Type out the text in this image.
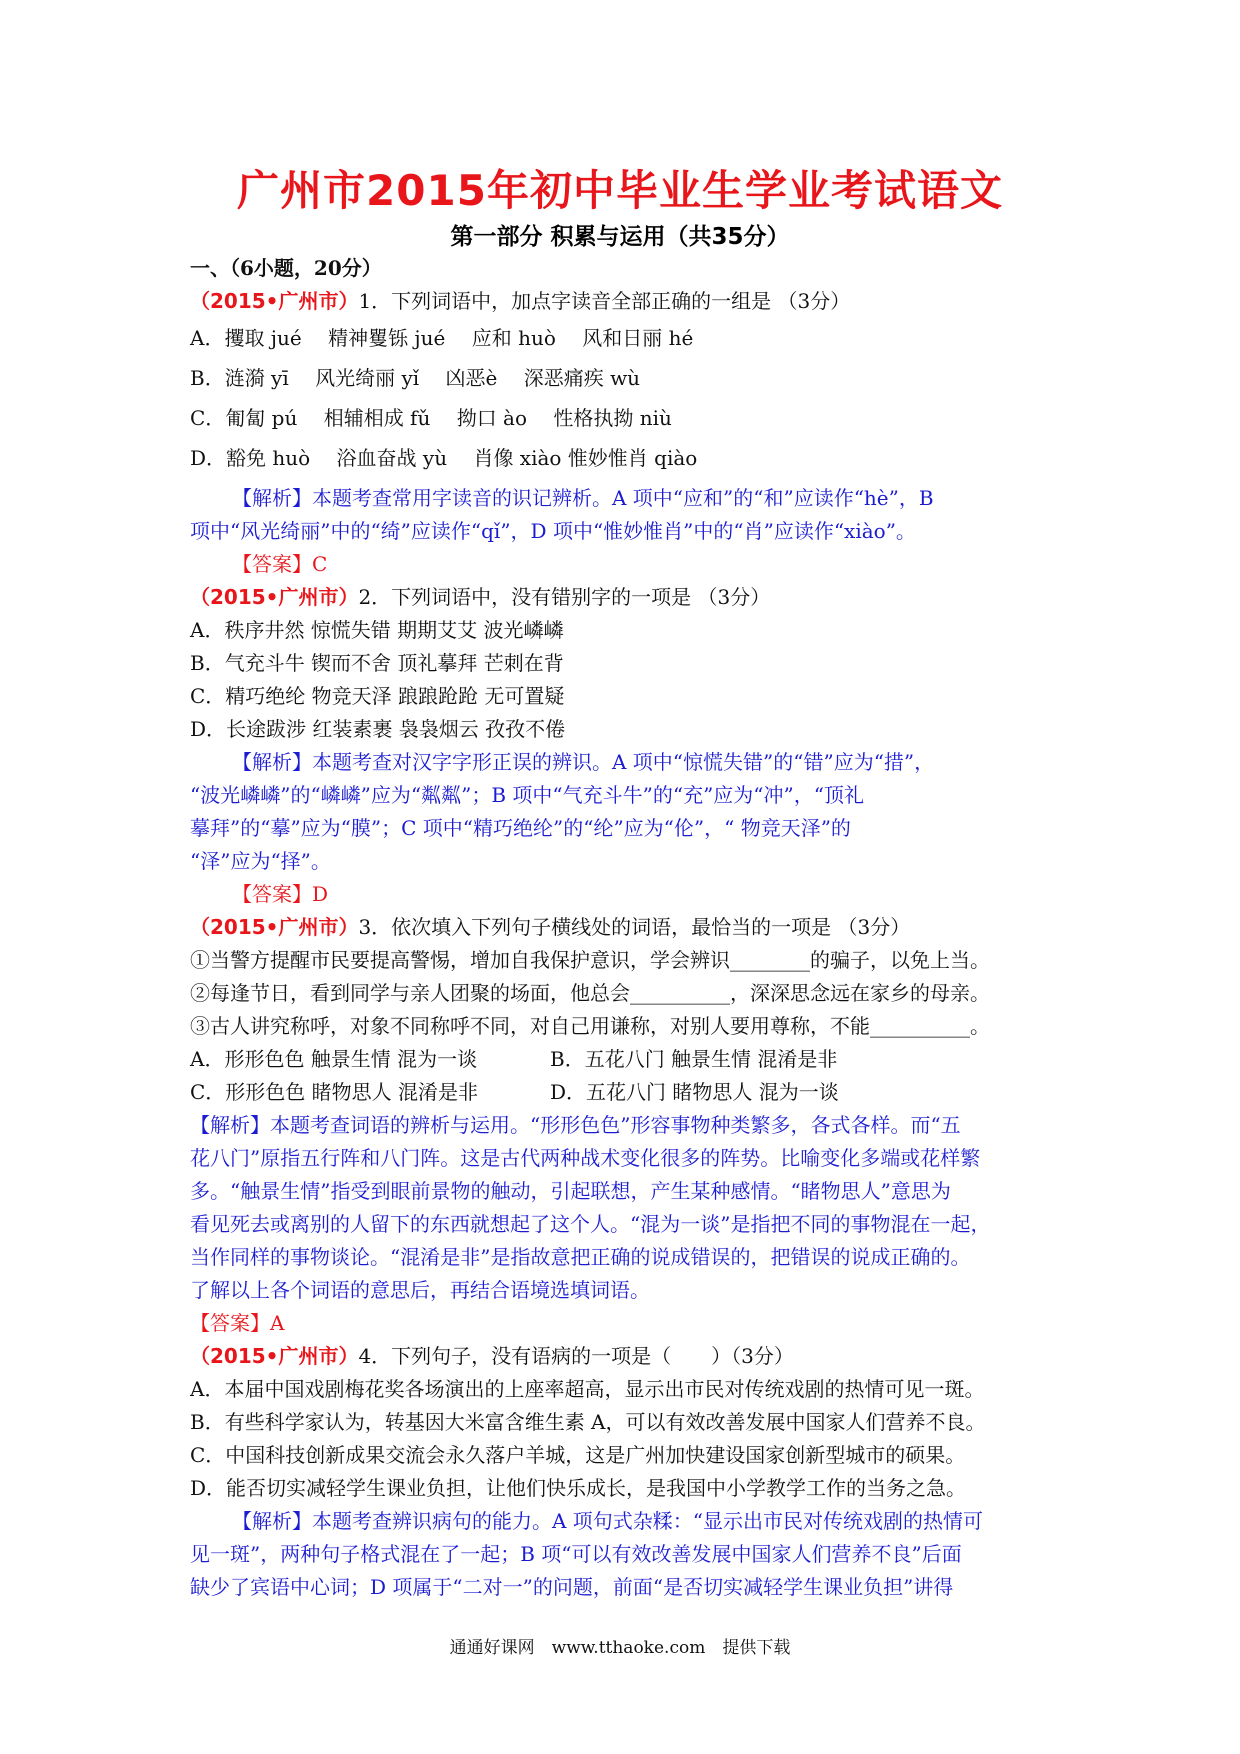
广州市2015年初中毕业生学业考试语文
第一部分 积累与运用（共35分）
一、（6小题，20分）
（2015•广州市）1．下列词语中，加点字读音全部正确的一组是 （3分）
A．攫取 jué　 精神矍铄 jué　 应和 huò　 风和日丽 hé
B．涟漪 yī　 风光绮丽 yǐ　 凶恶è　 深恶痛疾 wù
C．匍匐 pú　 相辅相成 fǔ　 拗口 ào　 性格执拗 niù
D．豁免 huò　 浴血奋战 yù　 肖像 xiào 惟妙惟肖 qiào

【解析】本题考查常用字读音的识记辨析。A 项中“应和”的“和”应读作“hè”，B

项中“风光绮丽”中的“绮”应读作“qǐ”，D 项中“惟妙惟肖”中的“肖”应读作“xiào”。

【答案】C
（2015•广州市）2．下列词语中，没有错别字的一项是 （3分）
A．秩序井然 惊慌失错 期期艾艾 波光嶙嶙
B．气充斗牛 锲而不舍 顶礼摹拜 芒刺在背
C．精巧绝纶 物竞天泽 踉踉跄跄 无可置疑
D．长途跋涉 红装素裹 袅袅烟云 孜孜不倦

【解析】本题考查对汉字字形正误的辨识。A 项中“惊慌失错”的“错”应为“措”，

“波光嶙嶙”的“嶙嶙”应为“粼粼”；B 项中“气充斗牛”的“充”应为“冲”，“顶礼

摹拜”的“摹”应为“膜”；C 项中“精巧绝纶”的“纶”应为“伦”，“ 物竞天泽”的

“泽”应为“择”。

【答案】D
（2015•广州市）3．依次填入下列句子横线处的词语，最恰当的一项是 （3分）
①当警方提醒市民要提高警惕，增加自我保护意识，学会辨识________的骗子，以免上当。
②每逢节日，看到同学与亲人团聚的场面，他总会__________，深深思念远在家乡的母亲。
③古人讲究称呼，对象不同称呼不同，对自己用谦称，对别人要用尊称，不能__________。
A．形形色色 触景生情 混为一谈	B．五花八门 触景生情 混淆是非
C．形形色色 睹物思人 混淆是非	D．五花八门 睹物思人 混为一谈

【解析】本题考查词语的辨析与运用。“形形色色”形容事物种类繁多，各式各样。而“五

花八门”原指五行阵和八门阵。这是古代两种战术变化很多的阵势。比喻变化多端或花样繁

多。“触景生情”指受到眼前景物的触动，引起联想，产生某种感情。“睹物思人”意思为

看见死去或离别的人留下的东西就想起了这个人。“混为一谈”是指把不同的事物混在一起，

当作同样的事物谈论。“混淆是非”是指故意把正确的说成错误的，把错误的说成正确的。

了解以上各个词语的意思后，再结合语境选填词语。

【答案】A
（2015•广州市）4．下列句子，没有语病的一项是（　　）（3分）
A．本届中国戏剧梅花奖各场演出的上座率超高，显示出市民对传统戏剧的热情可见一斑。
B．有些科学家认为，转基因大米富含维生素 A，可以有效改善发展中国家人们营养不良。
C．中国科技创新成果交流会永久落户羊城，这是广州加快建设国家创新型城市的硕果。
D．能否切实减轻学生课业负担，让他们快乐成长，是我国中小学教学工作的当务之急。

【解析】本题考查辨识病句的能力。A 项句式杂糅：“显示出市民对传统戏剧的热情可

见一斑”，两种句子格式混在了一起；B 项“可以有效改善发展中国家人们营养不良”后面

缺少了宾语中心词；D 项属于“二对一”的问题，前面“是否切实减轻学生课业负担”讲得

通通好课网　www.tthaoke.com　提供下载
